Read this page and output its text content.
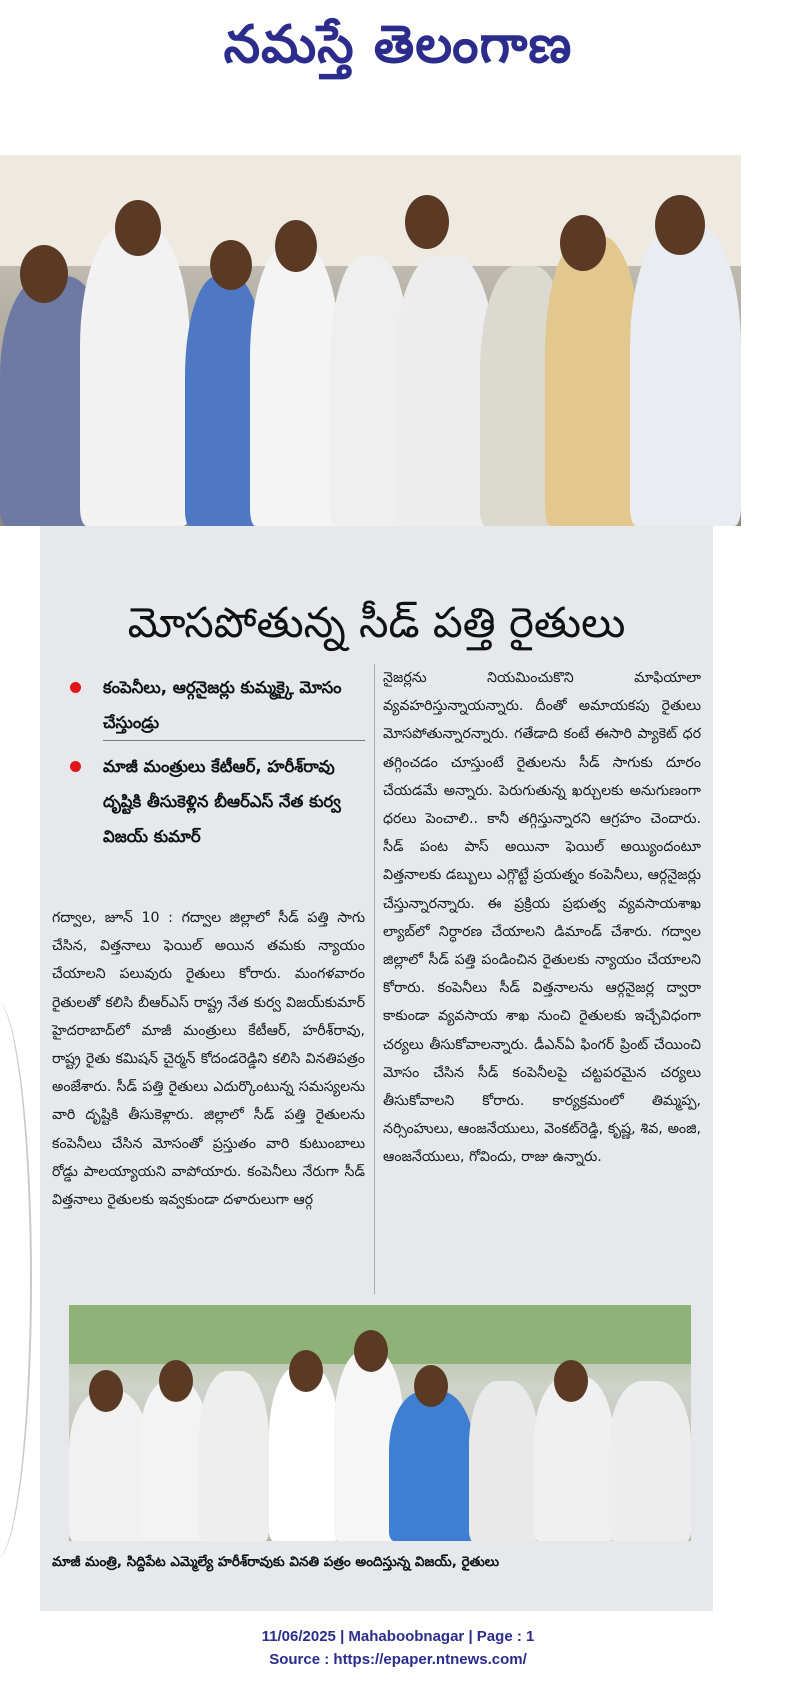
నమస్తే తెలంగాణ
మోసపోతున్న సీడ్ పత్తి రైతులు
కంపెనీలు, ఆర్గనైజర్లు కుమ్మక్కై మోసం చేస్తుండ్రు
మాజీ మంత్రులు కేటీఆర్, హరీశ్‌రావు దృష్టికి తీసుకెళ్లిన బీఆర్ఎస్ నేత కుర్వ విజయ్ కుమార్

గద్వాల, జూన్ 10 : గద్వాల జిల్లాలో సీడ్ పత్తి సాగు చేసిన, విత్తనాలు ఫెయిల్ అయిన తమకు న్యాయం చేయాలని పలువురు రైతులు కోరారు. మంగళవారం రైతులతో కలిసి బీఆర్ఎస్ రాష్ట్ర నేత కుర్వ విజయ్‌కుమార్ హైదరాబాద్‌లో మాజీ మంత్రులు కేటీఆర్, హరీశ్‌రావు, రాష్ట్ర రైతు కమిషన్ చైర్మన్ కోదండరెడ్డిని కలిసి వినతిపత్రం అంజేశారు. సీడ్ పత్తి రైతులు ఎదుర్కొంటున్న సమస్యలను వారి దృష్టికి తీసుకెళ్లారు. జిల్లాలో సీడ్ పత్తి రైతులను కంపెనీలు చేసిన మోసంతో ప్రస్తుతం వారి కుటుంబాలు రోడ్డు పాలయ్యాయని వాపోయారు. కంపెనీలు నేరుగా సీడ్ విత్తనాలు రైతులకు ఇవ్వకుండా దళారులుగా ఆర్గ

నైజర్లను నియమించుకొని మాఫియాలా వ్యవహరిస్తున్నాయన్నారు. దీంతో అమాయకపు రైతులు మోసపోతున్నారన్నారు. గతేడాది కంటే ఈసారి ప్యాకెట్ ధర తగ్గించడం చూస్తుంటే రైతులను సీడ్ సాగుకు దూరం చేయడమే అన్నారు. పెరుగుతున్న ఖర్చులకు అనుగుణంగా ధరలు పెంచాలి.. కానీ తగ్గిస్తున్నారని ఆగ్రహం చెందారు. సీడ్ పంట పాస్ అయినా ఫెయిల్ అయ్యిందంటూ విత్తనాలకు డబ్బులు ఎగ్గొట్టే ప్రయత్నం కంపెనీలు, ఆర్గనైజర్లు చేస్తున్నారన్నారు. ఈ ప్రక్రియ ప్రభుత్వ వ్యవసాయశాఖ ల్యాబ్‌లో నిర్ధారణ చేయాలని డిమాండ్ చేశారు. గద్వాల జిల్లాలో సీడ్ పత్తి పండించిన రైతులకు న్యాయం చేయాలని కోరారు. కంపెనీలు సీడ్ విత్తనాలను ఆర్గనైజర్ల ద్వారా కాకుండా వ్యవసాయ శాఖ నుంచి రైతులకు ఇచ్చేవిధంగా చర్యలు తీసుకోవాలన్నారు. డీఎన్ఏ ఫింగర్ ప్రింట్ చేయించి మోసం చేసిన సీడ్ కంపెనీలపై చట్టపరమైన చర్యలు తీసుకోవాలని కోరారు. కార్యక్రమంలో తిమ్మప్ప, నర్సింహులు, ఆంజనేయులు, వెంకట్‌రెడ్డి, కృష్ణ, శివ, అంజి, ఆంజనేయులు, గోవిందు, రాజు ఉన్నారు.

మాజీ మంత్రి, సిద్దిపేట ఎమ్మెల్యే హరీశ్‌రావుకు వినతి పత్రం అందిస్తున్న విజయ్, రైతులు
11/06/2025 | Mahaboobnagar | Page : 1
Source : https://epaper.ntnews.com/
